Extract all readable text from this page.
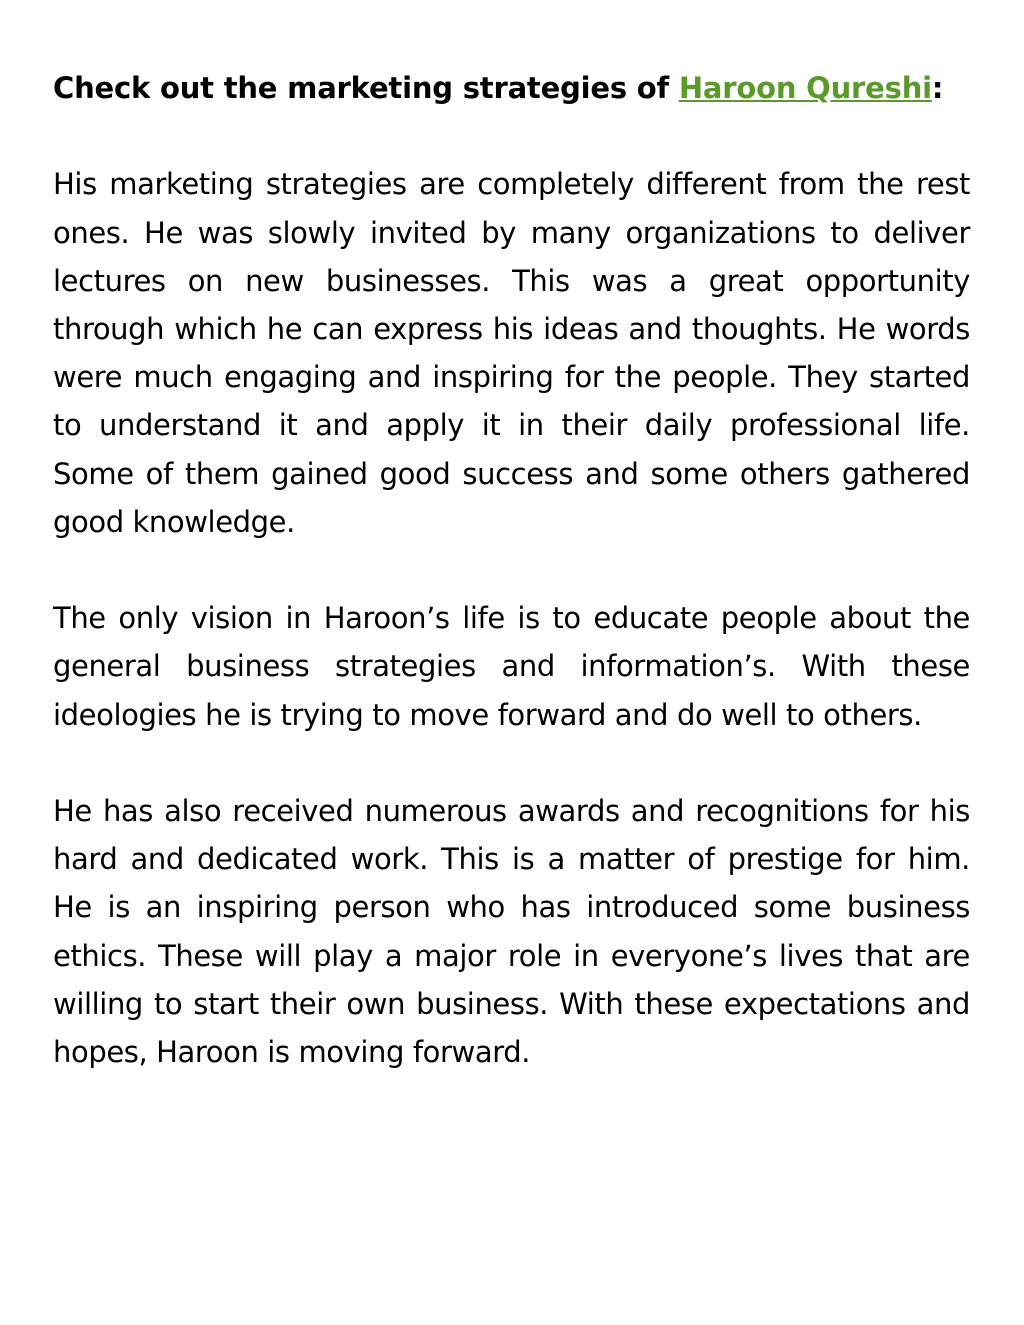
Check out the marketing strategies of Haroon Qureshi:

His marketing strategies are completely different from the rest ones. He was slowly invited by many organizations to deliver lectures on new businesses. This was a great opportunity through which he can express his ideas and thoughts. He words were much engaging and inspiring for the people. They started to understand it and apply it in their daily professional life. Some of them gained good success and some others gathered good knowledge.

The only vision in Haroon’s life is to educate people about the general business strategies and information’s. With these ideologies he is trying to move forward and do well to others.

He has also received numerous awards and recognitions for his hard and dedicated work. This is a matter of prestige for him. He is an inspiring person who has introduced some business ethics. These will play a major role in everyone’s lives that are willing to start their own business. With these expectations and hopes, Haroon is moving forward.
